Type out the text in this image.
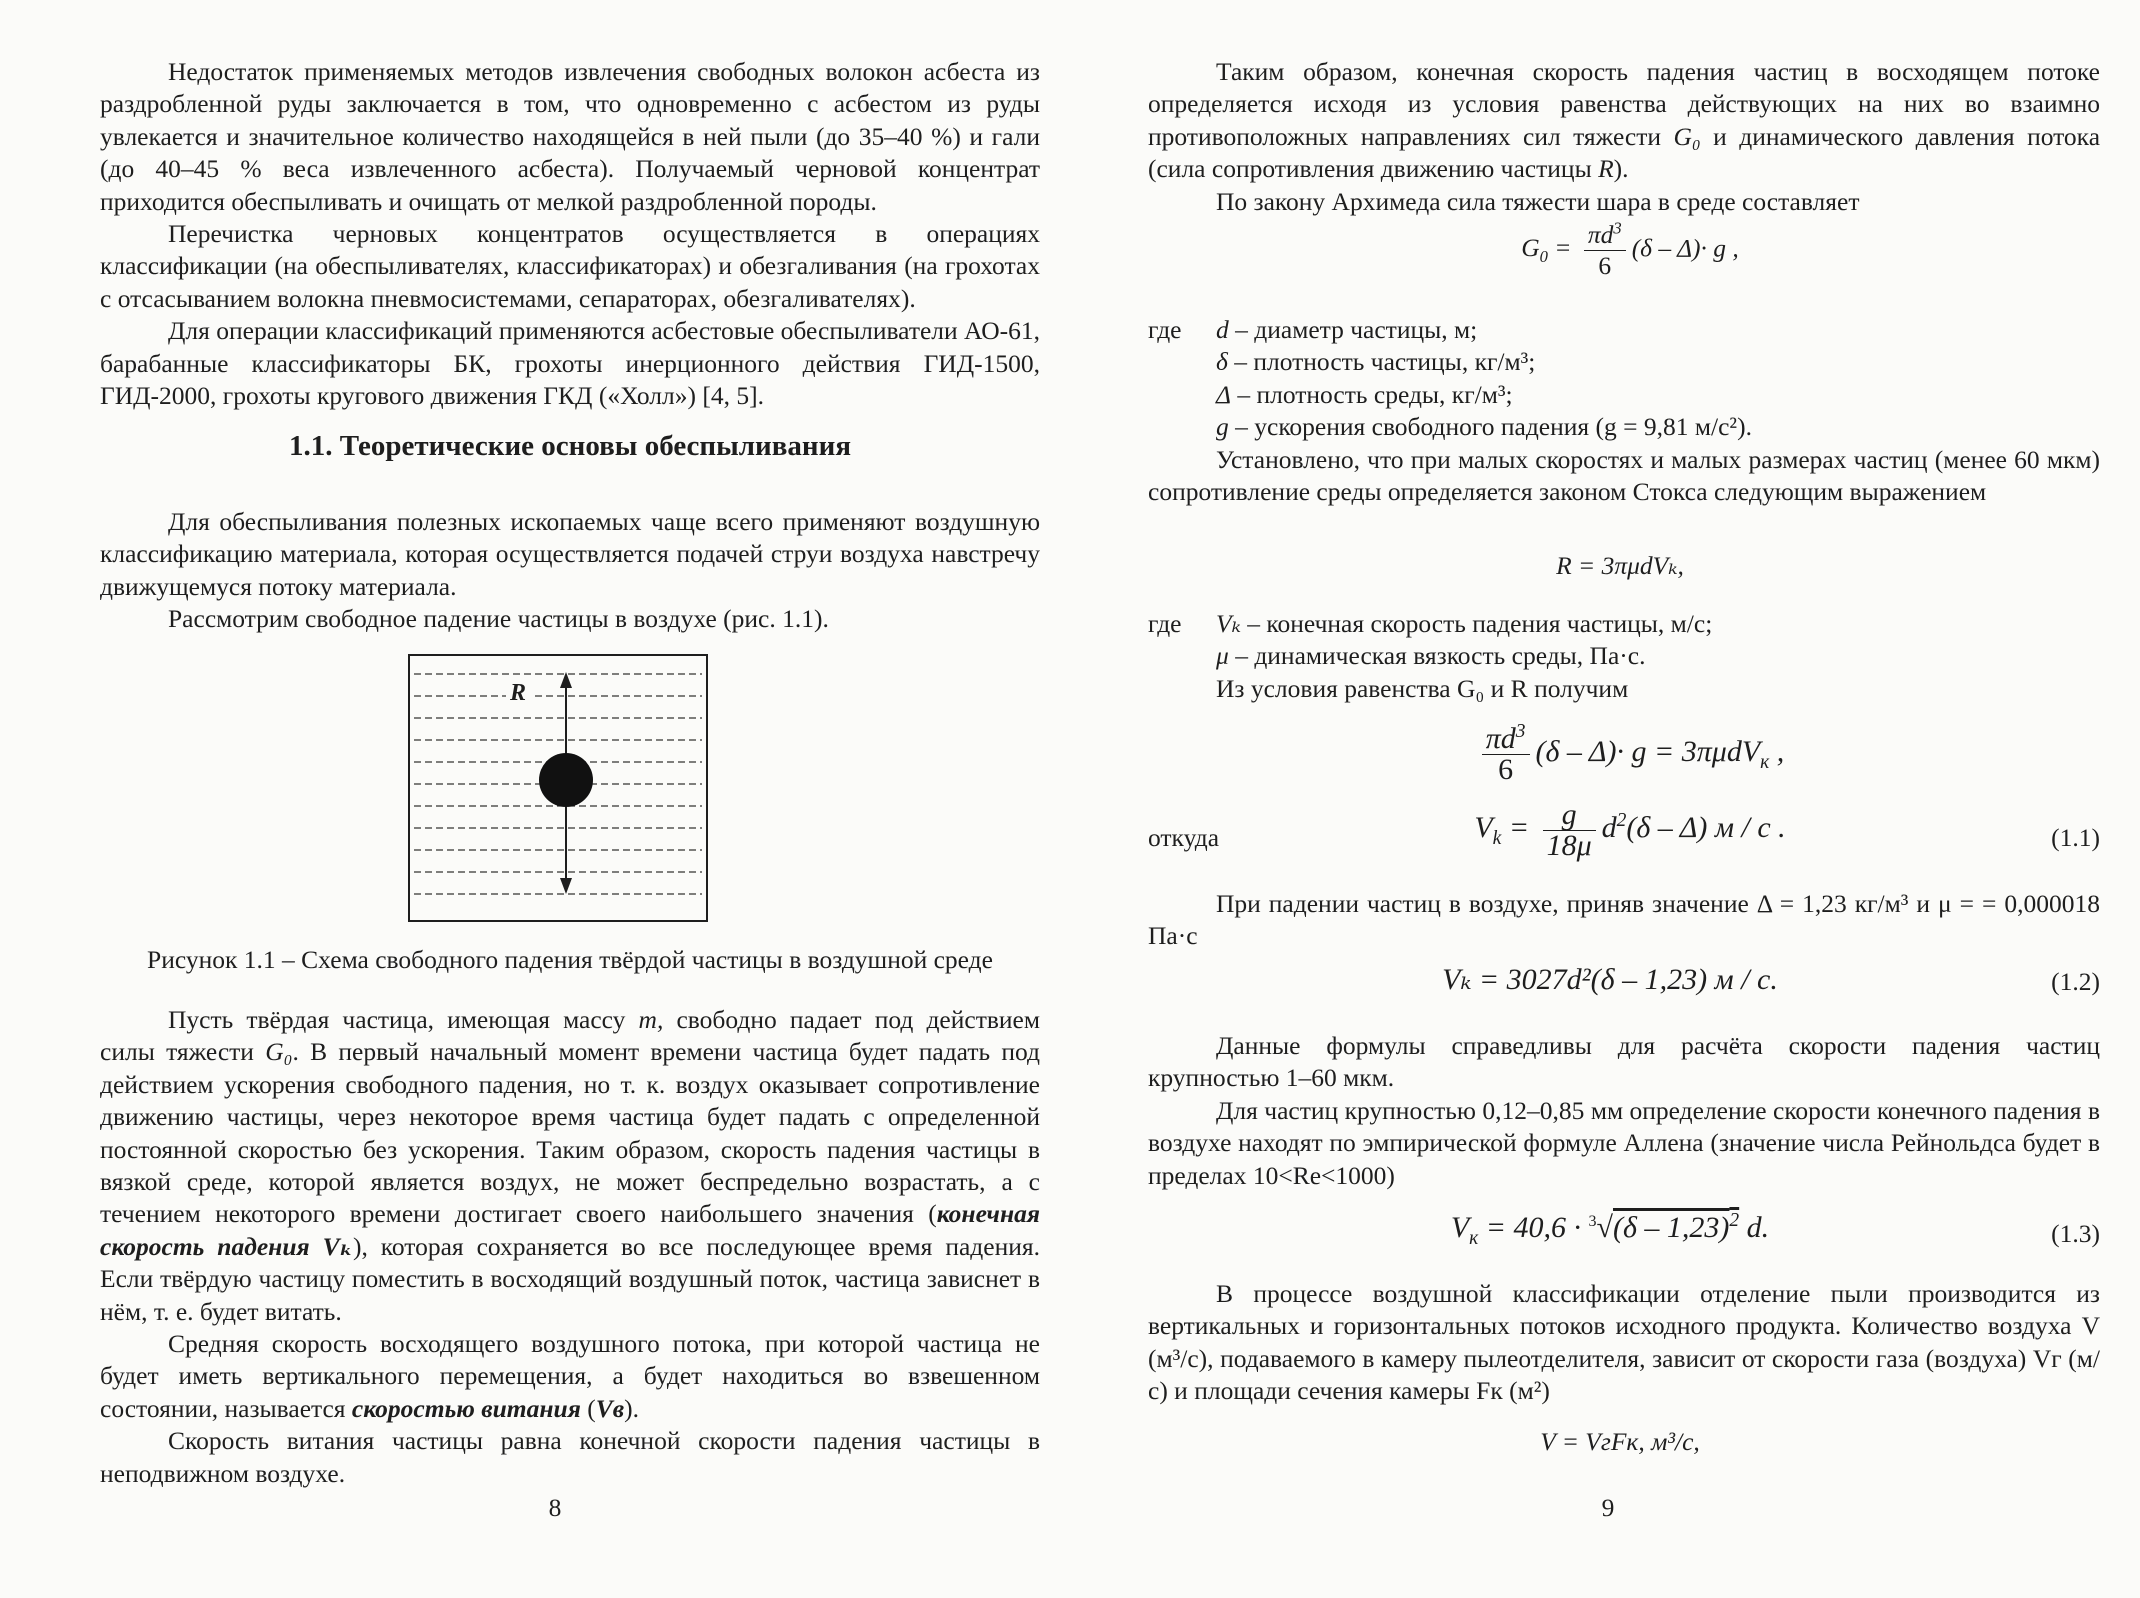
Недостаток применяемых методов извлечения свободных волокон асбеста из раздробленной руды заключается в том, что одновременно с асбестом из руды увлекается и значительное количество находящейся в ней пыли (до 35–40 %) и гали (до 40–45 % веса извлеченного асбеста). Получаемый черновой концентрат приходится обеспыливать и очищать от мелкой раздробленной породы.

Перечистка черновых концентратов осуществляется в операциях классификации (на обеспыливателях, классификаторах) и обезгаливания (на грохотах с отсасыванием волокна пневмосистемами, сепараторах, обезгаливателях).

Для операции классификаций применяются асбестовые обеспыливатели АО-61, барабанные классификаторы БК, грохоты инерционного действия ГИД-1500, ГИД-2000, грохоты кругового движения ГКД («Холл») [4, 5].

1.1. Теоретические основы обеспыливания

Для обеспыливания полезных ископаемых чаще всего применяют воздушную классификацию материала, которая осуществляется подачей струи воздуха навстречу движущемуся потоку материала.

Рассмотрим свободное падение частицы в воздухе (рис. 1.1).

R
Рисунок 1.1 – Схема свободного падения твёрдой частицы в воздушной среде

Пусть твёрдая частица, имеющая массу m, свободно падает под действием силы тяжести G₀. В первый начальный момент времени частица будет падать под действием ускорения свободного падения, но т. к. воздух оказывает сопротивление движению частицы, через некоторое время частица будет падать с определенной постоянной скоростью без ускорения. Таким образом, скорость падения частицы в вязкой среде, которой является воздух, не может беспредельно возрастать, а с течением некоторого времени достигает своего наибольшего значения (конечная скорость падения Vₖ), которая сохраняется во все последующее время падения. Если твёрдую частицу поместить в восходящий воздушный поток, частица зависнет в нём, т. е. будет витать.

Средняя скорость восходящего воздушного потока, при которой частица не будет иметь вертикального перемещения, а будет находиться во взвешенном состоянии, называется скоростью витания (Vв).

Скорость витания частицы равна конечной скорости падения частицы в неподвижном воздухе.

8

Таким образом, конечная скорость падения частиц в восходящем потоке определяется исходя из условия равенства действующих на них во взаимно противоположных направлениях сил тяжести G₀ и динамического давления потока (сила сопротивления движению частицы R).

По закону Архимеда сила тяжести шара в среде составляет

$G_0 = \frac{\pi d^3}{6} (\delta - \Delta)\cdot g$ ,
где d – диаметр частицы, м;
δ – плотность частицы, кг/м³;
Δ – плотность среды, кг/м³;
g – ускорения свободного падения (g = 9,81 м/с²).

Установлено, что при малых скоростях и малых размерах частиц (менее 60 мкм) сопротивление среды определяется законом Стокса следующим выражением

R = 3πμdVₖ,
где Vₖ – конечная скорость падения частицы, м/с;
μ – динамическая вязкость среды, Па·с.
Из условия равенства G₀ и R получим
$\frac{\pi d^3}{6} (\delta - \Delta)\cdot g = 3\pi\mu dV_к$ ,
откуда	$V_k = \frac{g}{18\mu} d^2(\delta - \Delta)$ м / с .	(1.1)

При падении частиц в воздухе, приняв значение Δ = 1,23 кг/м³ и μ = = 0,000018 Па·с

Vₖ = 3027d²(δ – 1,23) м / с.	(1.2)

Данные формулы справедливы для расчёта скорости падения частиц крупностью 1–60 мкм.

Для частиц крупностью 0,12–0,85 мм определение скорости конечного падения в воздухе находят по эмпирической формуле Аллена (значение числа Рейнольдса будет в пределах 10<Re<1000)

$V_к = 40,6 \cdot ^3√(\delta - 1,23)^2$ d.	(1.3)

В процессе воздушной классификации отделение пыли производится из вертикальных и горизонтальных потоков исходного продукта. Количество воздуха V (м³/с), подаваемого в камеру пылеотделителя, зависит от скорости газа (воздуха) Vг (м/с) и площади сечения камеры Fк (м²)

V = VгFк, м³/с,
9
